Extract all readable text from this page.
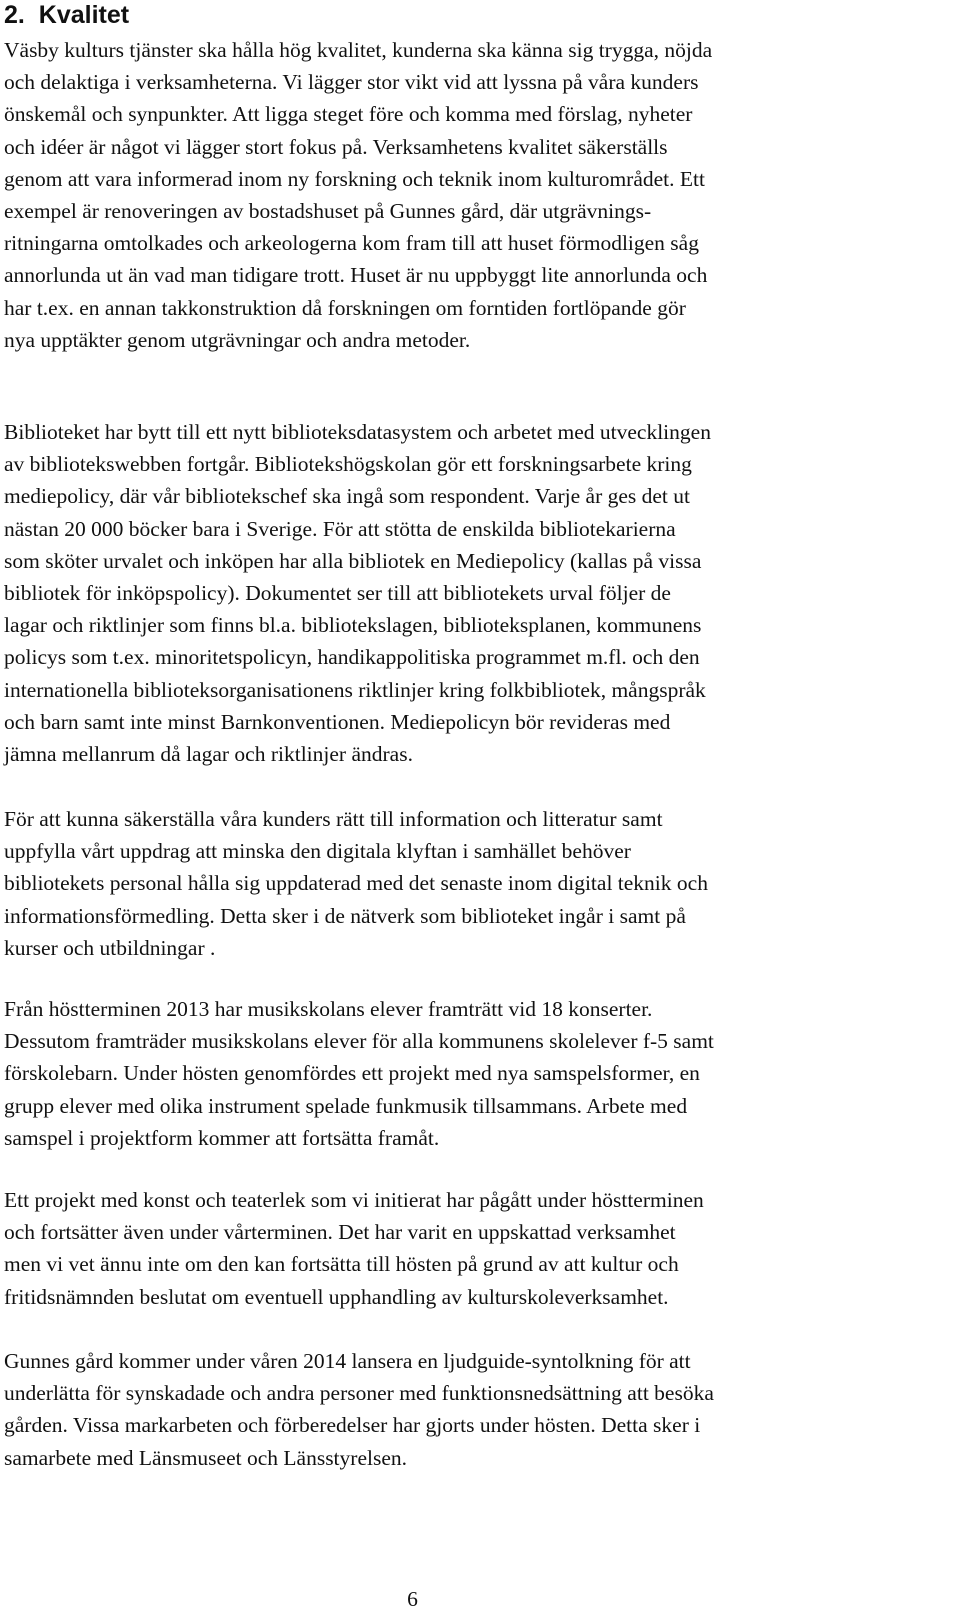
2. Kvalitet
Väsby kulturs tjänster ska hålla hög kvalitet, kunderna ska känna sig trygga, nöjda
och delaktiga i verksamheterna. Vi lägger stor vikt vid att lyssna på våra kunders
önskemål och synpunkter. Att ligga steget före och komma med förslag, nyheter
och idéer är något vi lägger stort fokus på. Verksamhetens kvalitet säkerställs
genom att vara informerad inom ny forskning och teknik inom kulturområdet. Ett
exempel är renoveringen av bostadshuset på Gunnes gård, där utgrävnings-
ritningarna omtolkades och arkeologerna kom fram till att huset förmodligen såg
annorlunda ut än vad man tidigare trott. Huset är nu uppbyggt lite annorlunda och
har t.ex. en annan takkonstruktion då forskningen om forntiden fortlöpande gör
nya upptäkter genom utgrävningar och andra metoder.
Biblioteket har bytt till ett nytt biblioteksdatasystem och arbetet med utvecklingen
av bibliotekswebben fortgår. Bibliotekshögskolan gör ett forskningsarbete kring
mediepolicy, där vår bibliotekschef ska ingå som respondent. Varje år ges det ut
nästan 20 000 böcker bara i Sverige. För att stötta de enskilda bibliotekarierna
som sköter urvalet och inköpen har alla bibliotek en Mediepolicy (kallas på vissa
bibliotek för inköpspolicy). Dokumentet ser till att bibliotekets urval följer de
lagar och riktlinjer som finns bl.a. bibliotekslagen, biblioteksplanen, kommunens
policys som t.ex. minoritetspolicyn, handikappolitiska programmet m.fl. och den
internationella biblioteksorganisationens riktlinjer kring folkbibliotek, mångspråk
och barn samt inte minst Barnkonventionen. Mediepolicyn bör revideras med
jämna mellanrum då lagar och riktlinjer ändras.
För att kunna säkerställa våra kunders rätt till information och litteratur samt
uppfylla vårt uppdrag att minska den digitala klyftan i samhället behöver
bibliotekets personal hålla sig uppdaterad med det senaste inom digital teknik och
informationsförmedling. Detta sker i de nätverk som biblioteket ingår i samt på
kurser och utbildningar .
Från höstterminen 2013 har musikskolans elever framträtt vid 18 konserter.
Dessutom framträder musikskolans elever för alla kommunens skolelever f-5 samt
förskolebarn. Under hösten genomfördes ett projekt med nya samspelsformer, en
grupp elever med olika instrument spelade funkmusik tillsammans. Arbete med
samspel i projektform kommer att fortsätta framåt.
Ett projekt med konst och teaterlek som vi initierat har pågått under höstterminen
och fortsätter även under vårterminen. Det har varit en uppskattad verksamhet
men vi vet ännu inte om den kan fortsätta till hösten på grund av att kultur och
fritidsnämnden beslutat om eventuell upphandling av kulturskoleverksamhet.
Gunnes gård kommer under våren 2014 lansera en ljudguide-syntolkning för att
underlätta för synskadade och andra personer med funktionsnedsättning att besöka
gården. Vissa markarbeten och förberedelser har gjorts under hösten. Detta sker i
samarbete med Länsmuseet och Länsstyrelsen.
6
